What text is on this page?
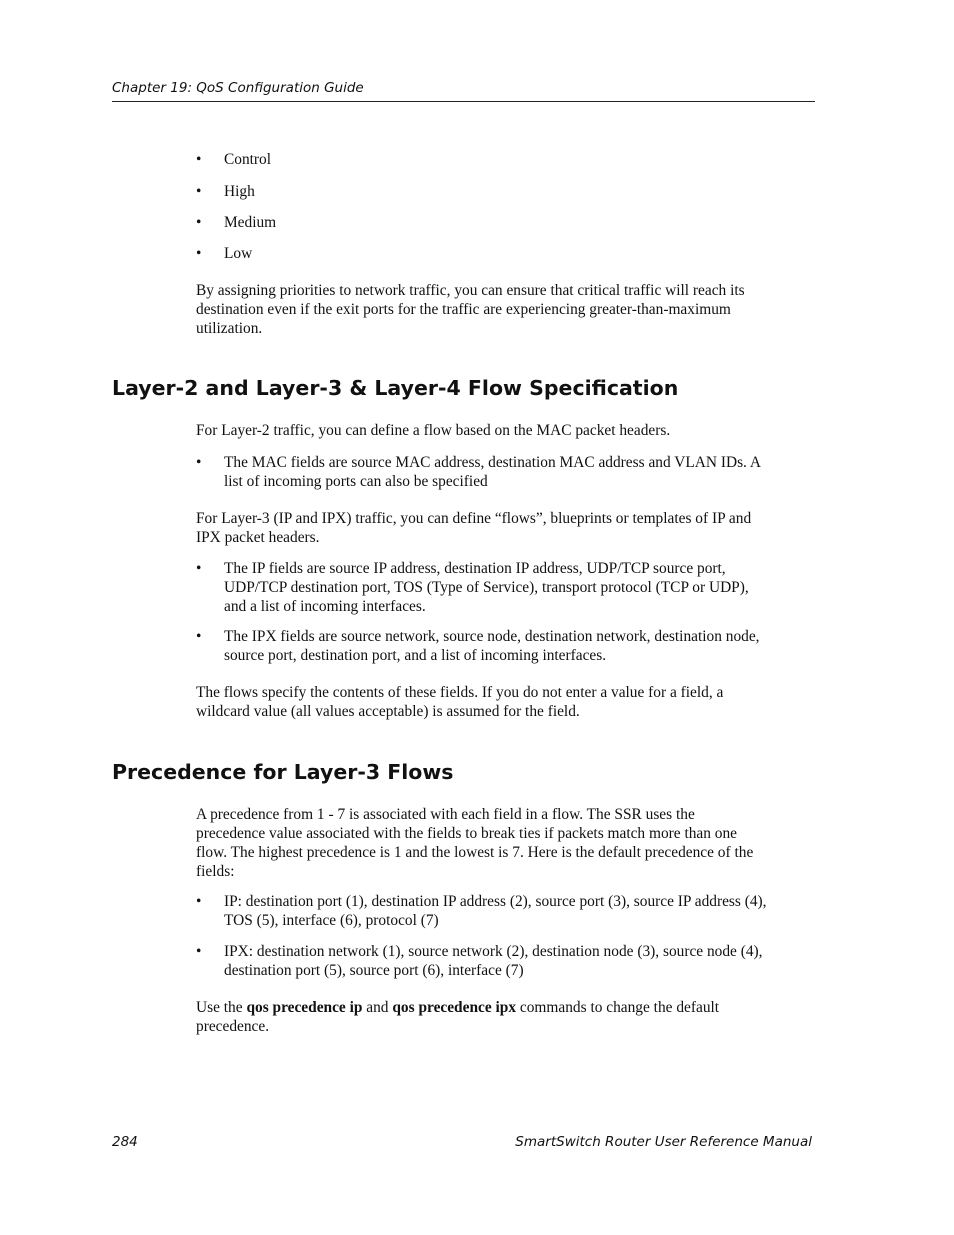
Chapter 19: QoS Configuration Guide
• Control
• High
• Medium
• Low
By assigning priorities to network traffic, you can ensure that critical traffic will reach its
destination even if the exit ports for the traffic are experiencing greater-than-maximum
utilization.
Layer-2 and Layer-3 & Layer-4 Flow Specification
For Layer-2 traffic, you can define a flow based on the MAC packet headers.
• The MAC fields are source MAC address, destination MAC address and VLAN IDs. A
list of incoming ports can also be specified
For Layer-3 (IP and IPX) traffic, you can define “flows”, blueprints or templates of IP and
IPX packet headers.
• The IP fields are source IP address, destination IP address, UDP/TCP source port,
UDP/TCP destination port, TOS (Type of Service), transport protocol (TCP or UDP),
and a list of incoming interfaces.
• The IPX fields are source network, source node, destination network, destination node,
source port, destination port, and a list of incoming interfaces.
The flows specify the contents of these fields. If you do not enter a value for a field, a
wildcard value (all values acceptable) is assumed for the field.
Precedence for Layer-3 Flows
A precedence from 1 - 7 is associated with each field in a flow. The SSR uses the
precedence value associated with the fields to break ties if packets match more than one
flow. The highest precedence is 1 and the lowest is 7. Here is the default precedence of the
fields:
• IP: destination port (1), destination IP address (2), source port (3), source IP address (4),
TOS (5), interface (6), protocol (7)
• IPX: destination network (1), source network (2), destination node (3), source node (4),
destination port (5), source port (6), interface (7)
Use the qos precedence ip and qos precedence ipx commands to change the default
precedence.
284	SmartSwitch Router User Reference Manual
